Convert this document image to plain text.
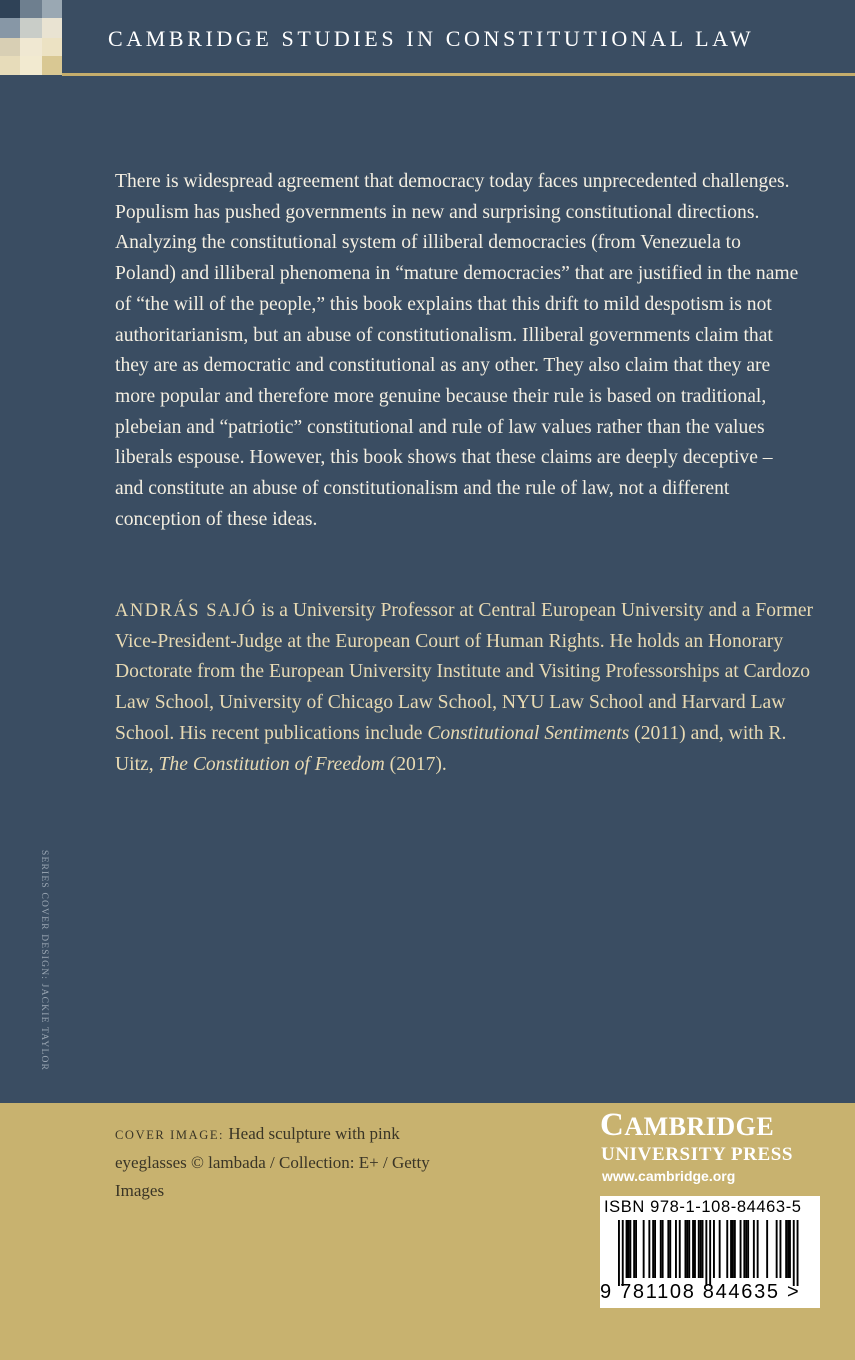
CAMBRIDGE STUDIES IN CONSTITUTIONAL LAW

There is widespread agreement that democracy today faces unprecedented challenges. Populism has pushed governments in new and surprising constitutional directions. Analyzing the constitutional system of illiberal democracies (from Venezuela to Poland) and illiberal phenomena in “mature democracies” that are justified in the name of “the will of the people,” this book explains that this drift to mild despotism is not authoritarianism, but an abuse of constitutionalism. Illiberal governments claim that they are as democratic and constitutional as any other. They also claim that they are more popular and therefore more genuine because their rule is based on traditional, plebeian and “patriotic” constitutional and rule of law values rather than the values liberals espouse. However, this book shows that these claims are deeply deceptive – and constitute an abuse of constitutionalism and the rule of law, not a different conception of these ideas.

ANDRÁS SAJÓ is a University Professor at Central European University and a Former Vice-President-Judge at the European Court of Human Rights. He holds an Honorary Doctorate from the European University Institute and Visiting Professorships at Cardozo Law School, University of Chicago Law School, NYU Law School and Harvard Law School. His recent publications include Constitutional Sentiments (2011) and, with R. Uitz, The Constitution of Freedom (2017).

SERIES COVER DESIGN: JACKIE TAYLOR

COVER IMAGE: Head sculpture with pink eyeglasses © lambada / Collection: E+ / Getty Images

CAMBRIDGE
UNIVERSITY PRESS
www.cambridge.org
ISBN 978-1-108-84463-5
9 781108 844635 >
